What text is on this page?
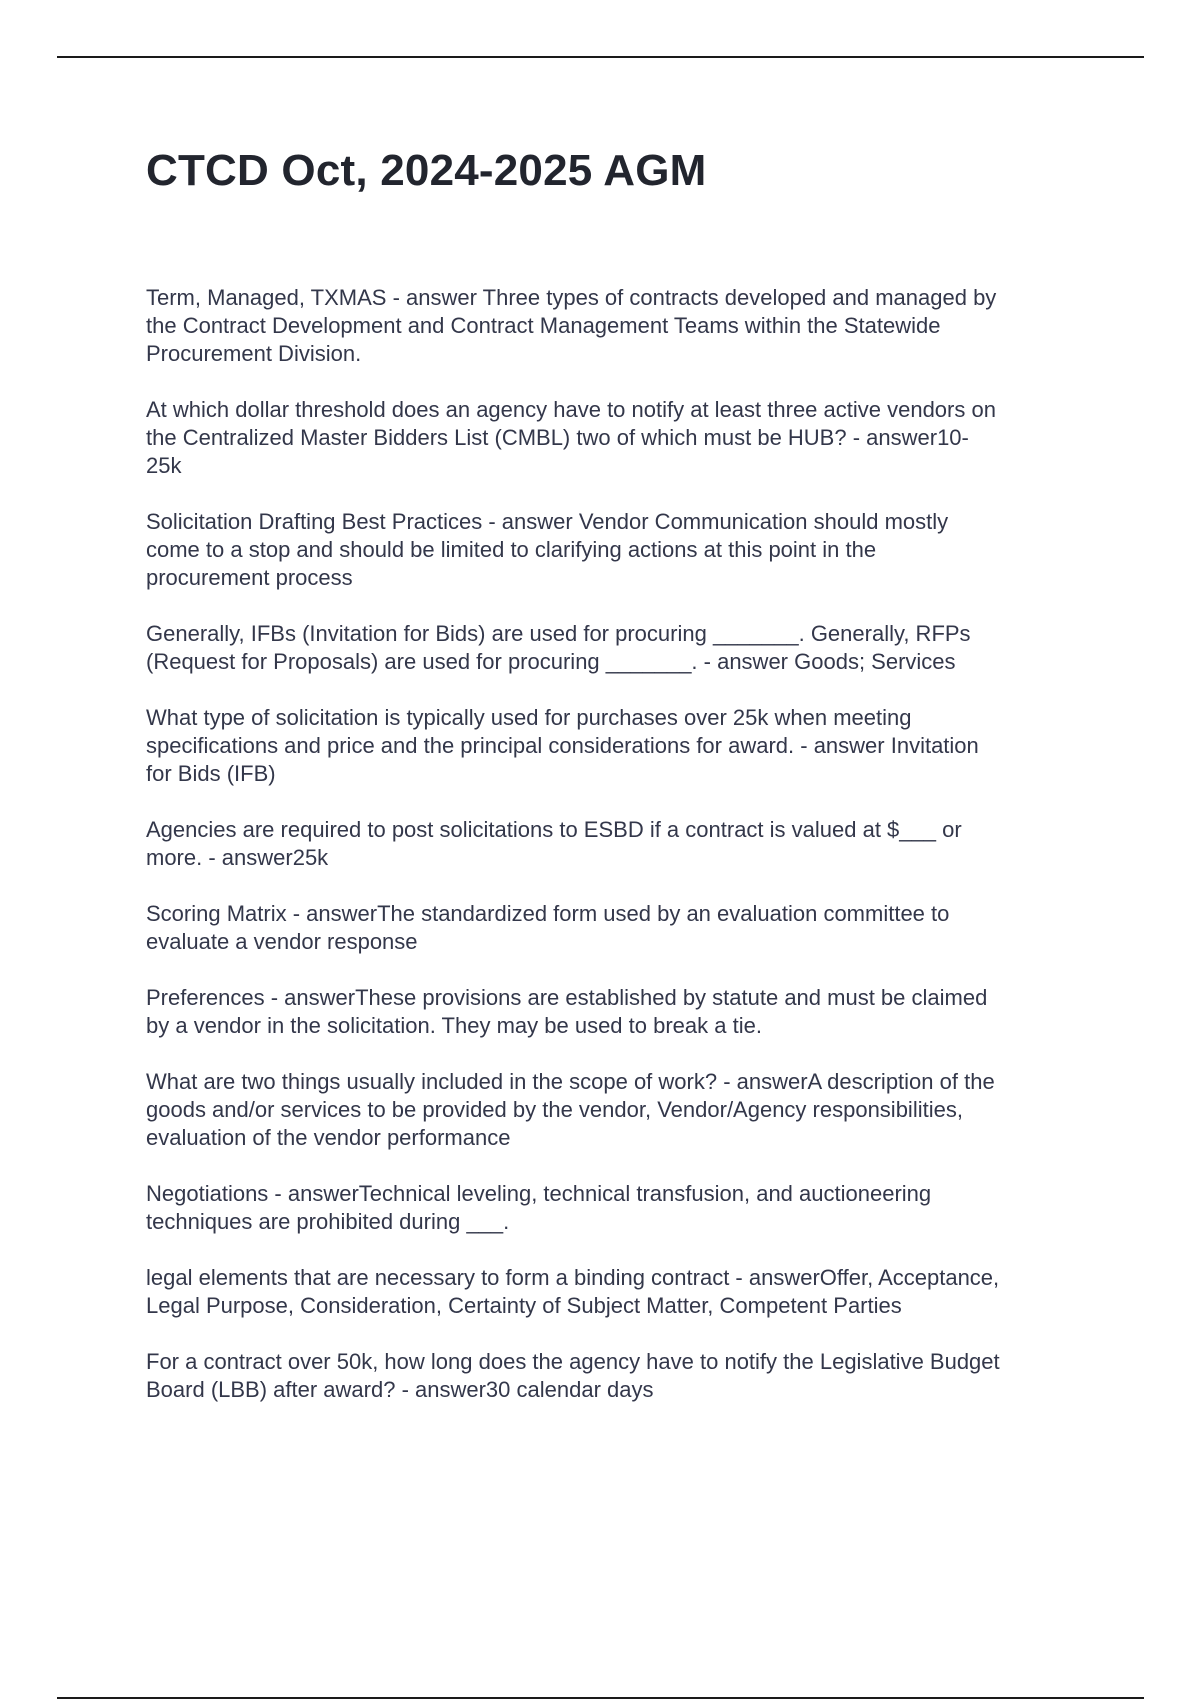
CTCD Oct, 2024-2025 AGM
Term, Managed, TXMAS - answer Three types of contracts developed and managed by
the Contract Development and Contract Management Teams within the Statewide
Procurement Division.
At which dollar threshold does an agency have to notify at least three active vendors on
the Centralized Master Bidders List (CMBL) two of which must be HUB? - answer10-
25k
Solicitation Drafting Best Practices - answer Vendor Communication should mostly
come to a stop and should be limited to clarifying actions at this point in the
procurement process
Generally, IFBs (Invitation for Bids) are used for procuring _______. Generally, RFPs
(Request for Proposals) are used for procuring _______. - answer Goods; Services
What type of solicitation is typically used for purchases over 25k when meeting
specifications and price and the principal considerations for award. - answer Invitation
for Bids (IFB)
Agencies are required to post solicitations to ESBD if a contract is valued at $___ or
more. - answer25k
Scoring Matrix - answerThe standardized form used by an evaluation committee to
evaluate a vendor response
Preferences - answerThese provisions are established by statute and must be claimed
by a vendor in the solicitation. They may be used to break a tie.
What are two things usually included in the scope of work? - answerA description of the
goods and/or services to be provided by the vendor, Vendor/Agency responsibilities,
evaluation of the vendor performance
Negotiations - answerTechnical leveling, technical transfusion, and auctioneering
techniques are prohibited during ___.
legal elements that are necessary to form a binding contract - answerOffer, Acceptance,
Legal Purpose, Consideration, Certainty of Subject Matter, Competent Parties
For a contract over 50k, how long does the agency have to notify the Legislative Budget
Board (LBB) after award? - answer30 calendar days
